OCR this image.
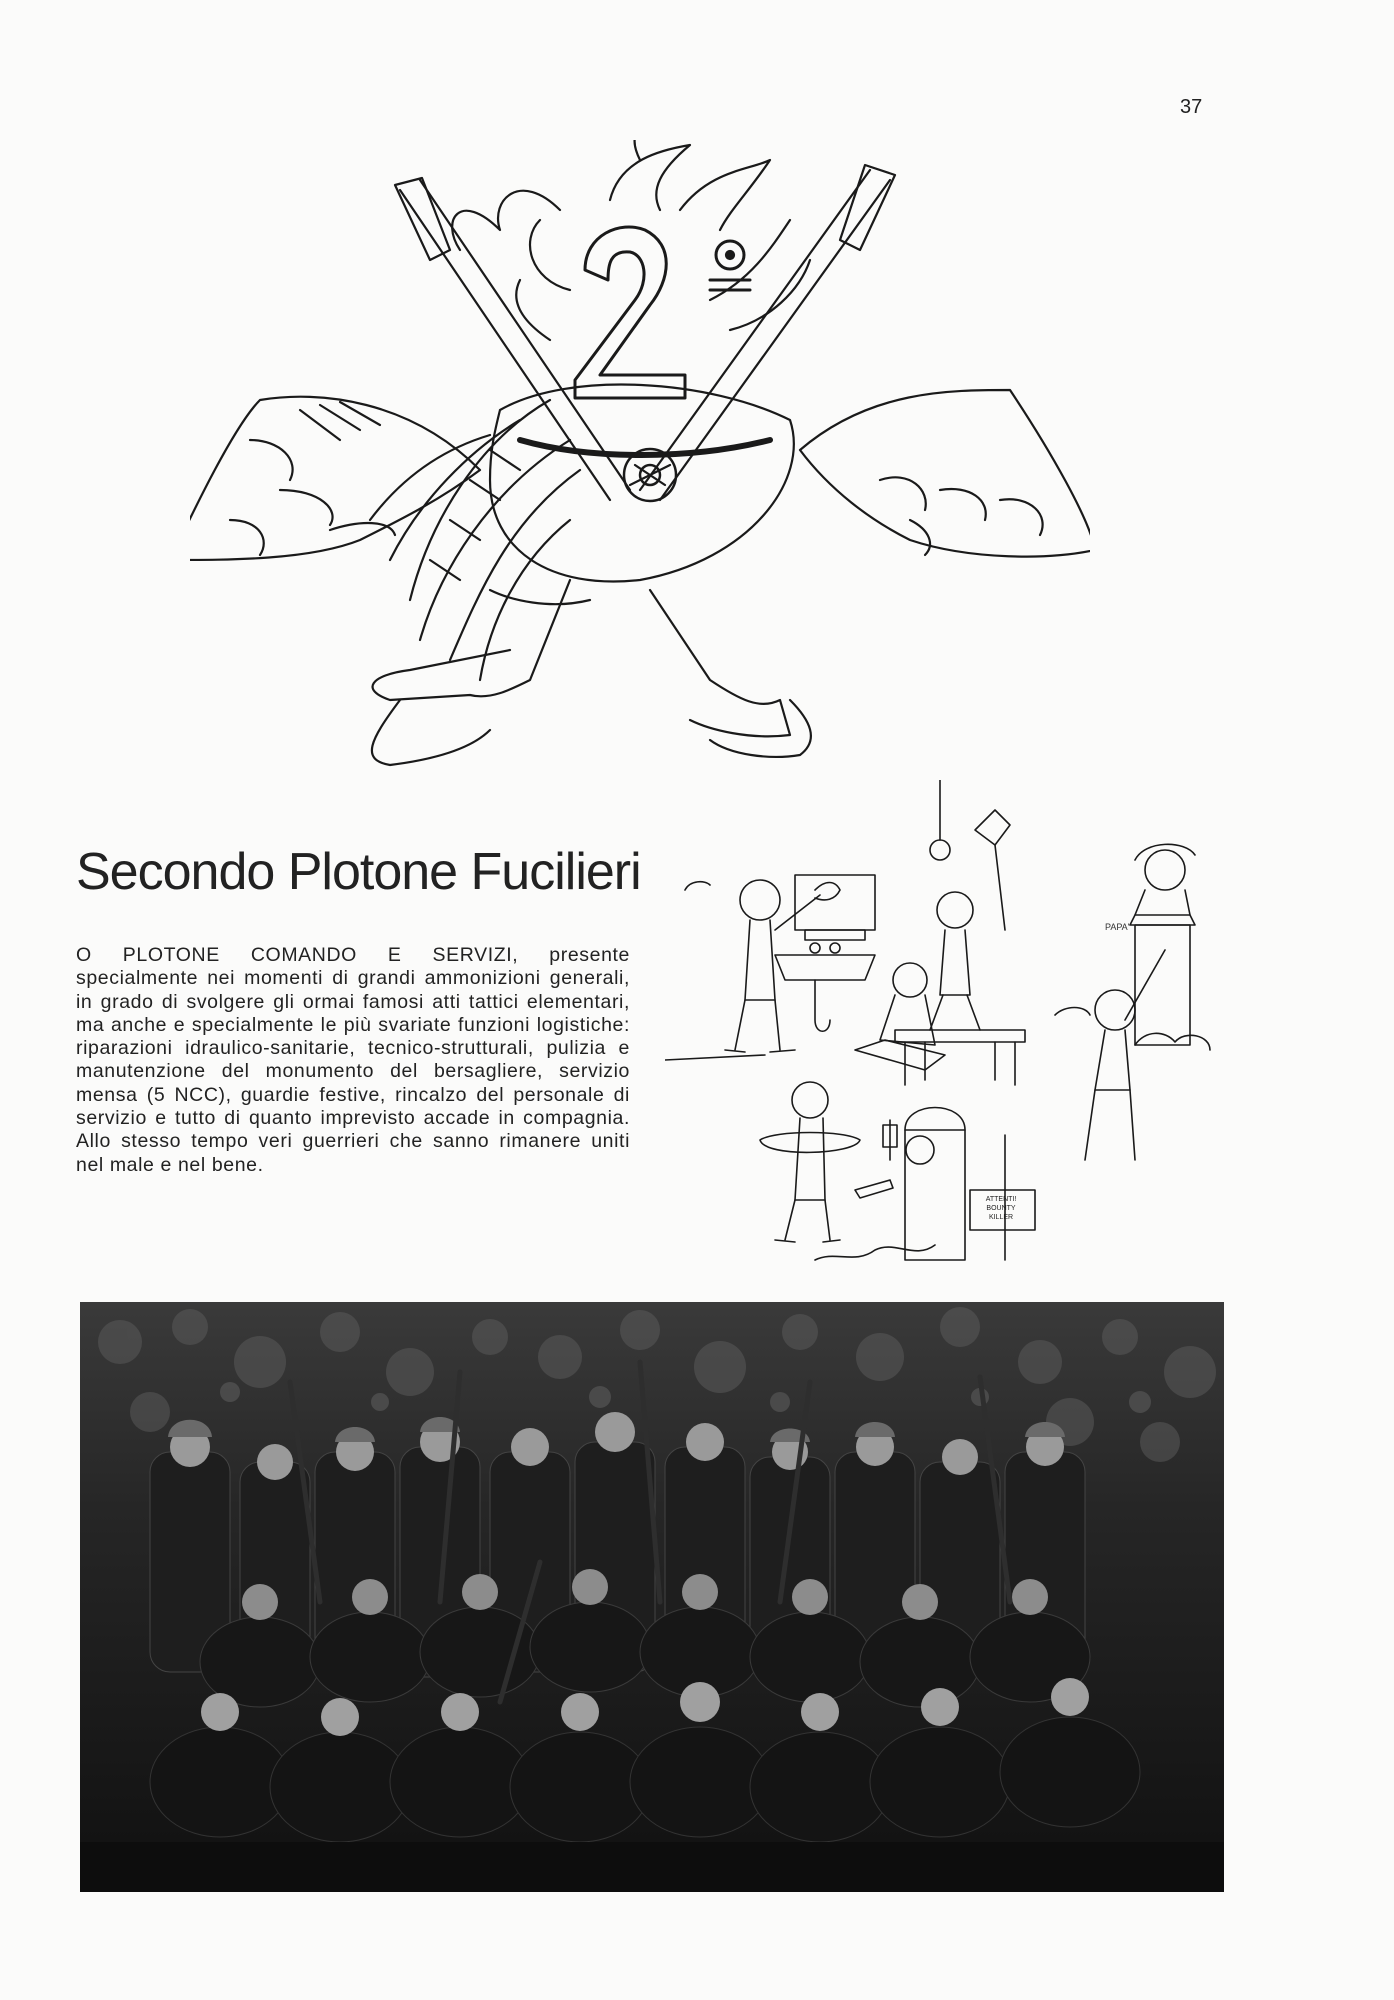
37
Secondo Plotone Fucilieri

O PLOTONE COMANDO E SERVIZI, presente specialmente nei momenti di grandi ammonizioni generali, in grado di svolgere gli ormai famosi atti tattici elementari, ma anche e specialmente le più svariate funzioni logistiche: riparazioni idraulico-sanitarie, tecnico-strutturali, pulizia e manutenzione del monumento del bersagliere, servizio mensa (5 NCC), guardie festive, rincalzo del personale di servizio e tutto di quanto imprevisto accade in compagnia. Allo stesso tempo veri guerrieri che sanno rimanere uniti nel male e nel bene.

ATTENTI!
BOUNTY
KILLER
PAPA'
